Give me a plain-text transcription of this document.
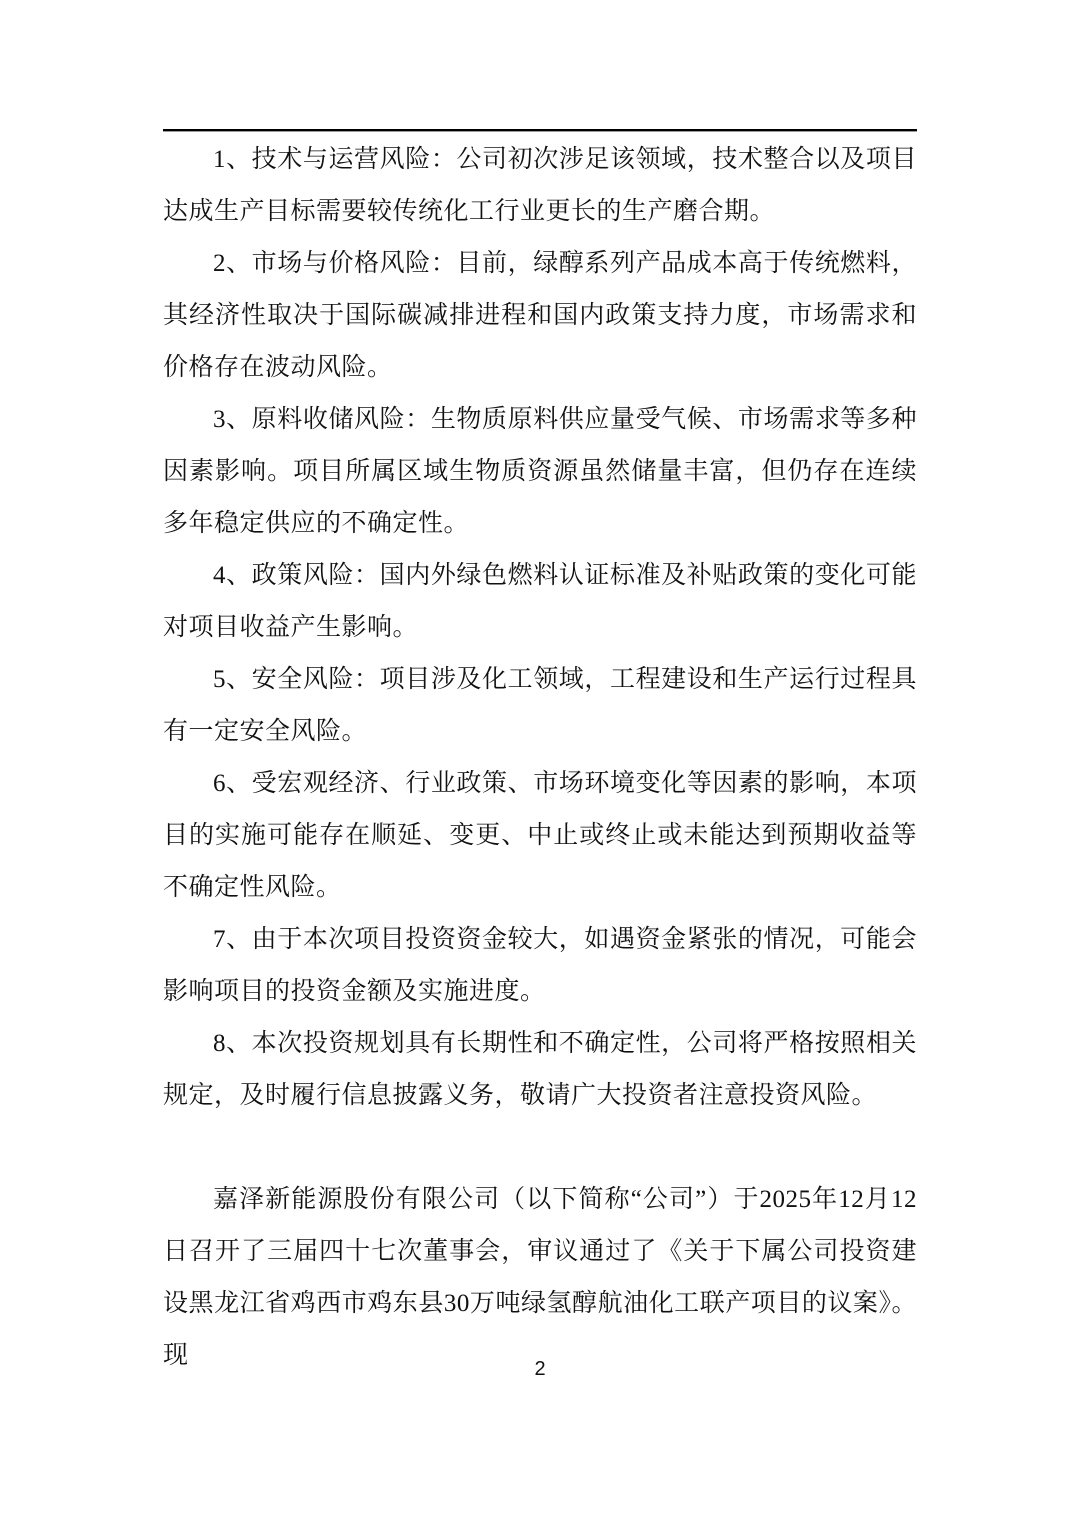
1、技术与运营风险：公司初次涉足该领域，技术整合以及项目达成生产目标需要较传统化工行业更长的生产磨合期。

2、市场与价格风险：目前，绿醇系列产品成本高于传统燃料，其经济性取决于国际碳减排进程和国内政策支持力度，市场需求和价格存在波动风险。

3、原料收储风险：生物质原料供应量受气候、市场需求等多种因素影响。项目所属区域生物质资源虽然储量丰富，但仍存在连续多年稳定供应的不确定性。

4、政策风险：国内外绿色燃料认证标准及补贴政策的变化可能对项目收益产生影响。

5、安全风险：项目涉及化工领域，工程建设和生产运行过程具有一定安全风险。

6、受宏观经济、行业政策、市场环境变化等因素的影响，本项目的实施可能存在顺延、变更、中止或终止或未能达到预期收益等不确定性风险。

7、由于本次项目投资资金较大，如遇资金紧张的情况，可能会影响项目的投资金额及实施进度。

8、本次投资规划具有长期性和不确定性，公司将严格按照相关规定，及时履行信息披露义务，敬请广大投资者注意投资风险。

嘉泽新能源股份有限公司（以下简称“公司”）于2025年12月12日召开了三届四十七次董事会，审议通过了《关于下属公司投资建设黑龙江省鸡西市鸡东县30万吨绿氢醇航油化工联产项目的议案》。现	2
